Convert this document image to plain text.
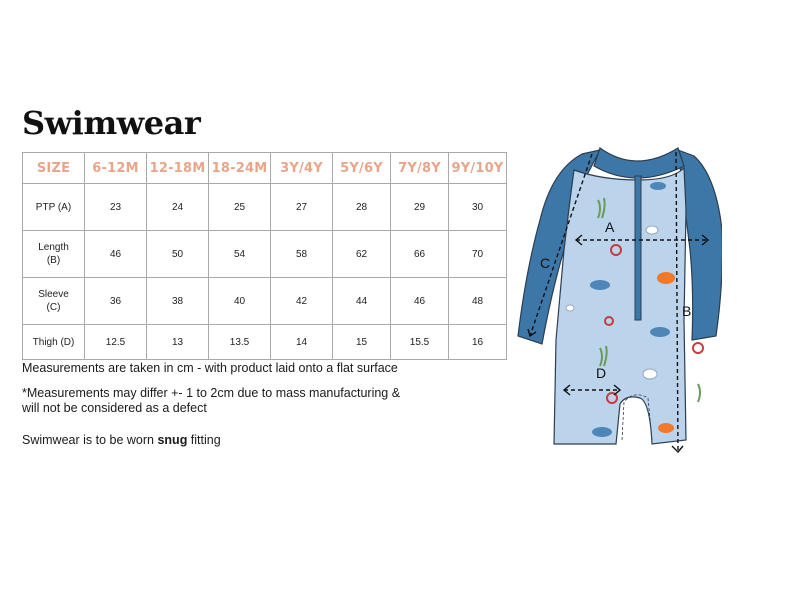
Swimwear
SIZE	6-12M	12-18M	18-24M	3Y/4Y	5Y/6Y	7Y/8Y	9Y/10Y
PTP (A)	23	24	25	27	28	29	30
Length
(B)	46	50	54	58	62	66	70
Sleeve
(C)	36	38	40	42	44	46	48
Thigh (D)	12.5	13	13.5	14	15	15.5	16
Measurements are taken in cm - with product laid onto a flat surface
*Measurements may differ +- 1 to 2cm due to mass manufacturing &
will not be considered as a defect
Swimwear is to be worn snug fitting
A
B
C
D
